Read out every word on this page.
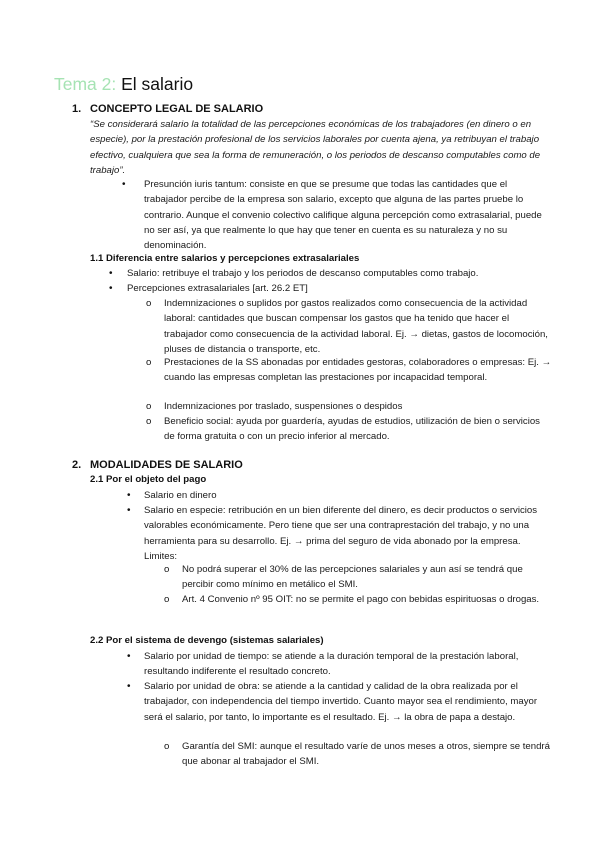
Tema 2: El salario
1. CONCEPTO LEGAL DE SALARIO
“Se considerará salario la totalidad de las percepciones económicas de los trabajadores (en dinero o en especie), por la prestación profesional de los servicios laborales por cuenta ajena, ya retribuyan el trabajo efectivo, cualquiera que sea la forma de remuneración, o los periodos de descanso computables como de trabajo”.
• Presunción iuris tantum: consiste en que se presume que todas las cantidades que el trabajador percibe de la empresa son salario, excepto que alguna de las partes pruebe lo contrario. Aunque el convenio colectivo califique alguna percepción como extrasalarial, puede no ser así, ya que realmente lo que hay que tener en cuenta es su naturaleza y no su denominación.
1.1 Diferencia entre salarios y percepciones extrasalariales
• Salario: retribuye el trabajo y los periodos de descanso computables como trabajo.
• Percepciones extrasalariales [art. 26.2 ET]
o Indemnizaciones o suplidos por gastos realizados como consecuencia de la actividad laboral: cantidades que buscan compensar los gastos que ha tenido que hacer el trabajador como consecuencia de la actividad laboral. Ej. → dietas, gastos de locomoción, pluses de distancia o transporte, etc.
o Prestaciones de la SS abonadas por entidades gestoras, colaboradores o empresas: Ej. → cuando las empresas completan las prestaciones por incapacidad temporal.
o Indemnizaciones por traslado, suspensiones o despidos
o Beneficio social: ayuda por guardería, ayudas de estudios, utilización de bien o servicios de forma gratuita o con un precio inferior al mercado.
2. MODALIDADES DE SALARIO
2.1 Por el objeto del pago
• Salario en dinero
• Salario en especie: retribución en un bien diferente del dinero, es decir productos o servicios valorables económicamente. Pero tiene que ser una contraprestación del trabajo, y no una herramienta para su desarrollo. Ej. → prima del seguro de vida abonado por la empresa. Limites:
o No podrá superar el 30% de las percepciones salariales y aun así se tendrá que percibir como mínimo en metálico el SMI.
o Art. 4 Convenio nº 95 OIT: no se permite el pago con bebidas espirituosas o drogas.
2.2 Por el sistema de devengo (sistemas salariales)
• Salario por unidad de tiempo: se atiende a la duración temporal de la prestación laboral, resultando indiferente el resultado concreto.
• Salario por unidad de obra: se atiende a la cantidad y calidad de la obra realizada por el trabajador, con independencia del tiempo invertido. Cuanto mayor sea el rendimiento, mayor será el salario, por tanto, lo importante es el resultado. Ej. → la obra de papa a destajo.
o Garantía del SMI: aunque el resultado varíe de unos meses a otros, siempre se tendrá que abonar al trabajador el SMI.
